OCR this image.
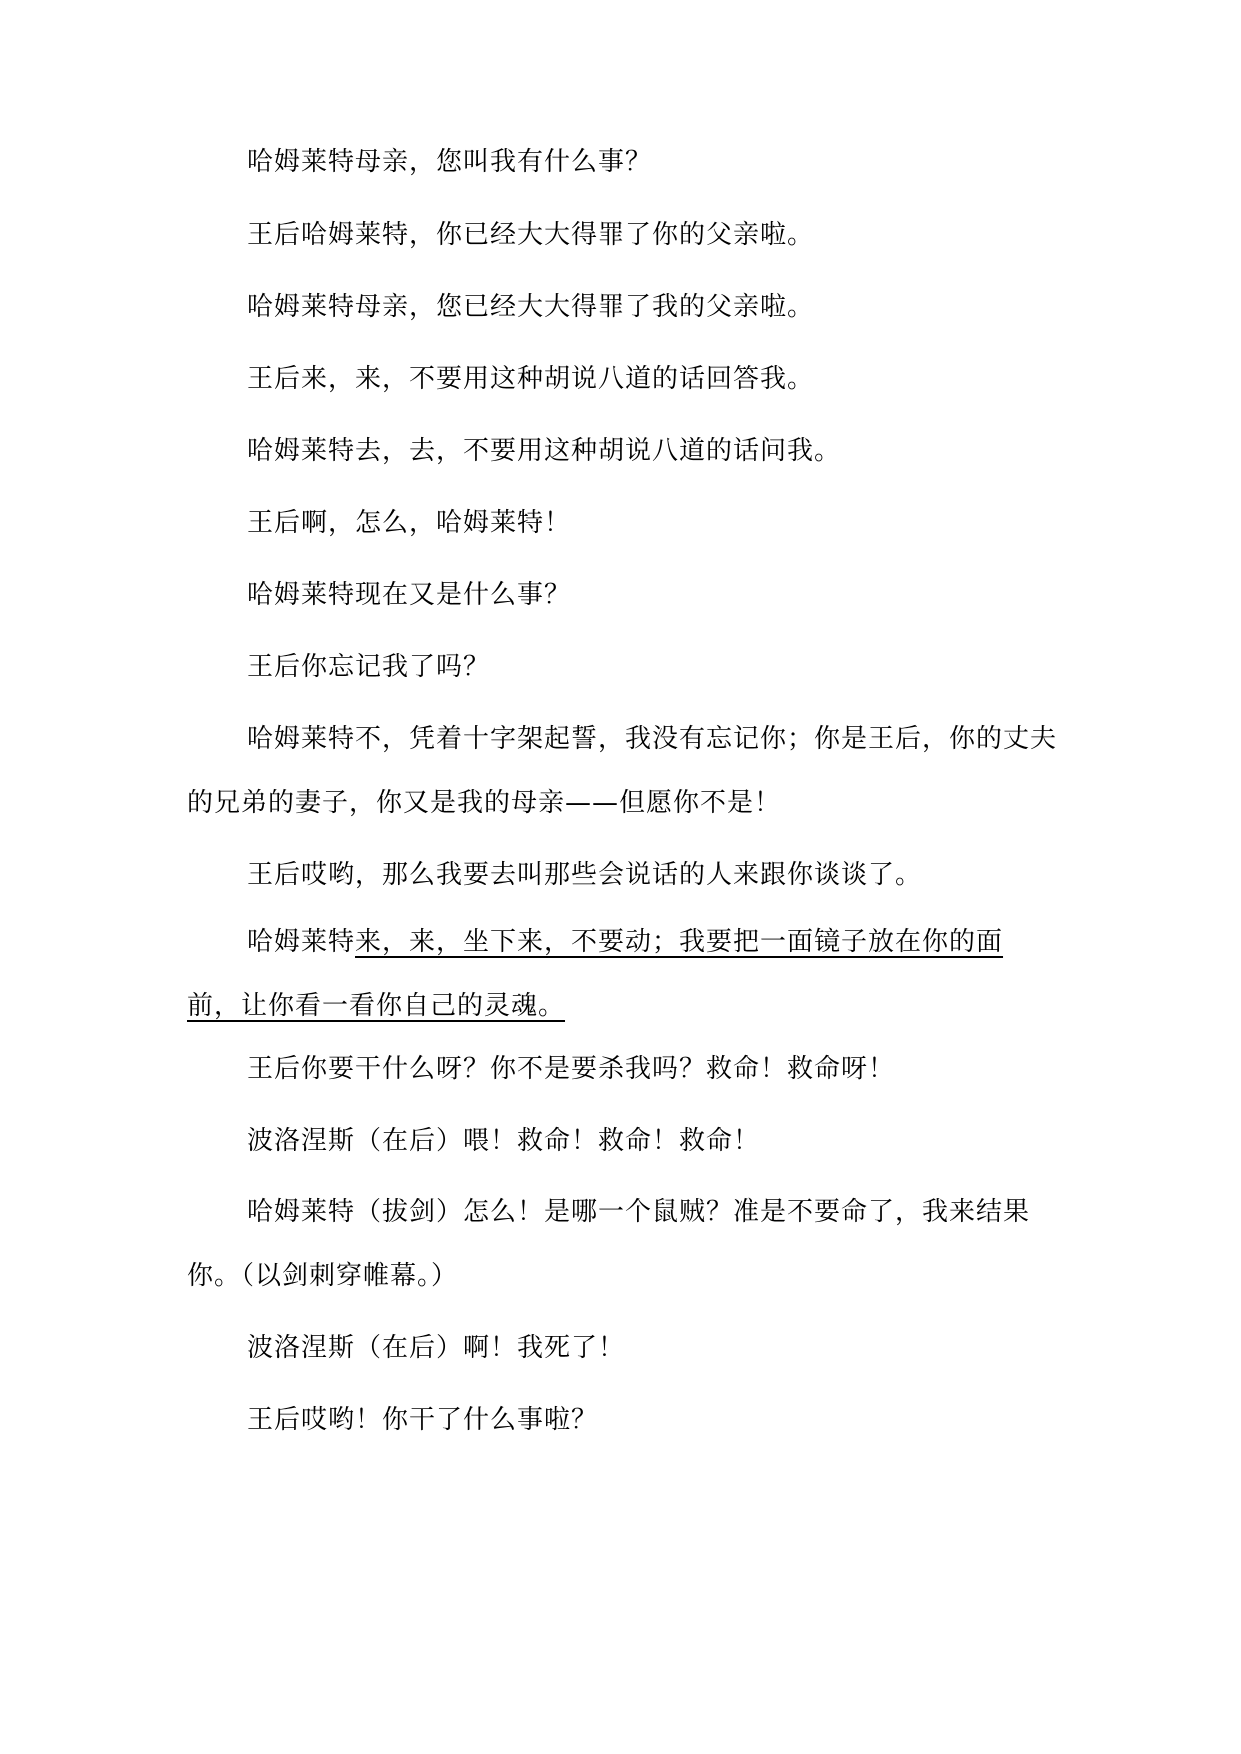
哈姆莱特母亲，您叫我有什么事？

王后哈姆莱特，你已经大大得罪了你的父亲啦。

哈姆莱特母亲，您已经大大得罪了我的父亲啦。

王后来，来，不要用这种胡说八道的话回答我。

哈姆莱特去，去，不要用这种胡说八道的话问我。

王后啊，怎么，哈姆莱特！

哈姆莱特现在又是什么事？

王后你忘记我了吗？

哈姆莱特不，凭着十字架起誓，我没有忘记你；你是王后，你的丈夫的兄弟的妻子，你又是我的母亲——但愿你不是！

王后哎哟，那么我要去叫那些会说话的人来跟你谈谈了。

哈姆莱特来，来，坐下来，不要动；我要把一面镜子放在你的面前，让你看一看你自己的灵魂。

王后你要干什么呀？你不是要杀我吗？救命！救命呀！

波洛涅斯（在后）喂！救命！救命！救命！

哈姆莱特（拔剑）怎么！是哪一个鼠贼？准是不要命了，我来结果你。（以剑刺穿帷幕。）

波洛涅斯（在后）啊！我死了！

王后哎哟！你干了什么事啦？
